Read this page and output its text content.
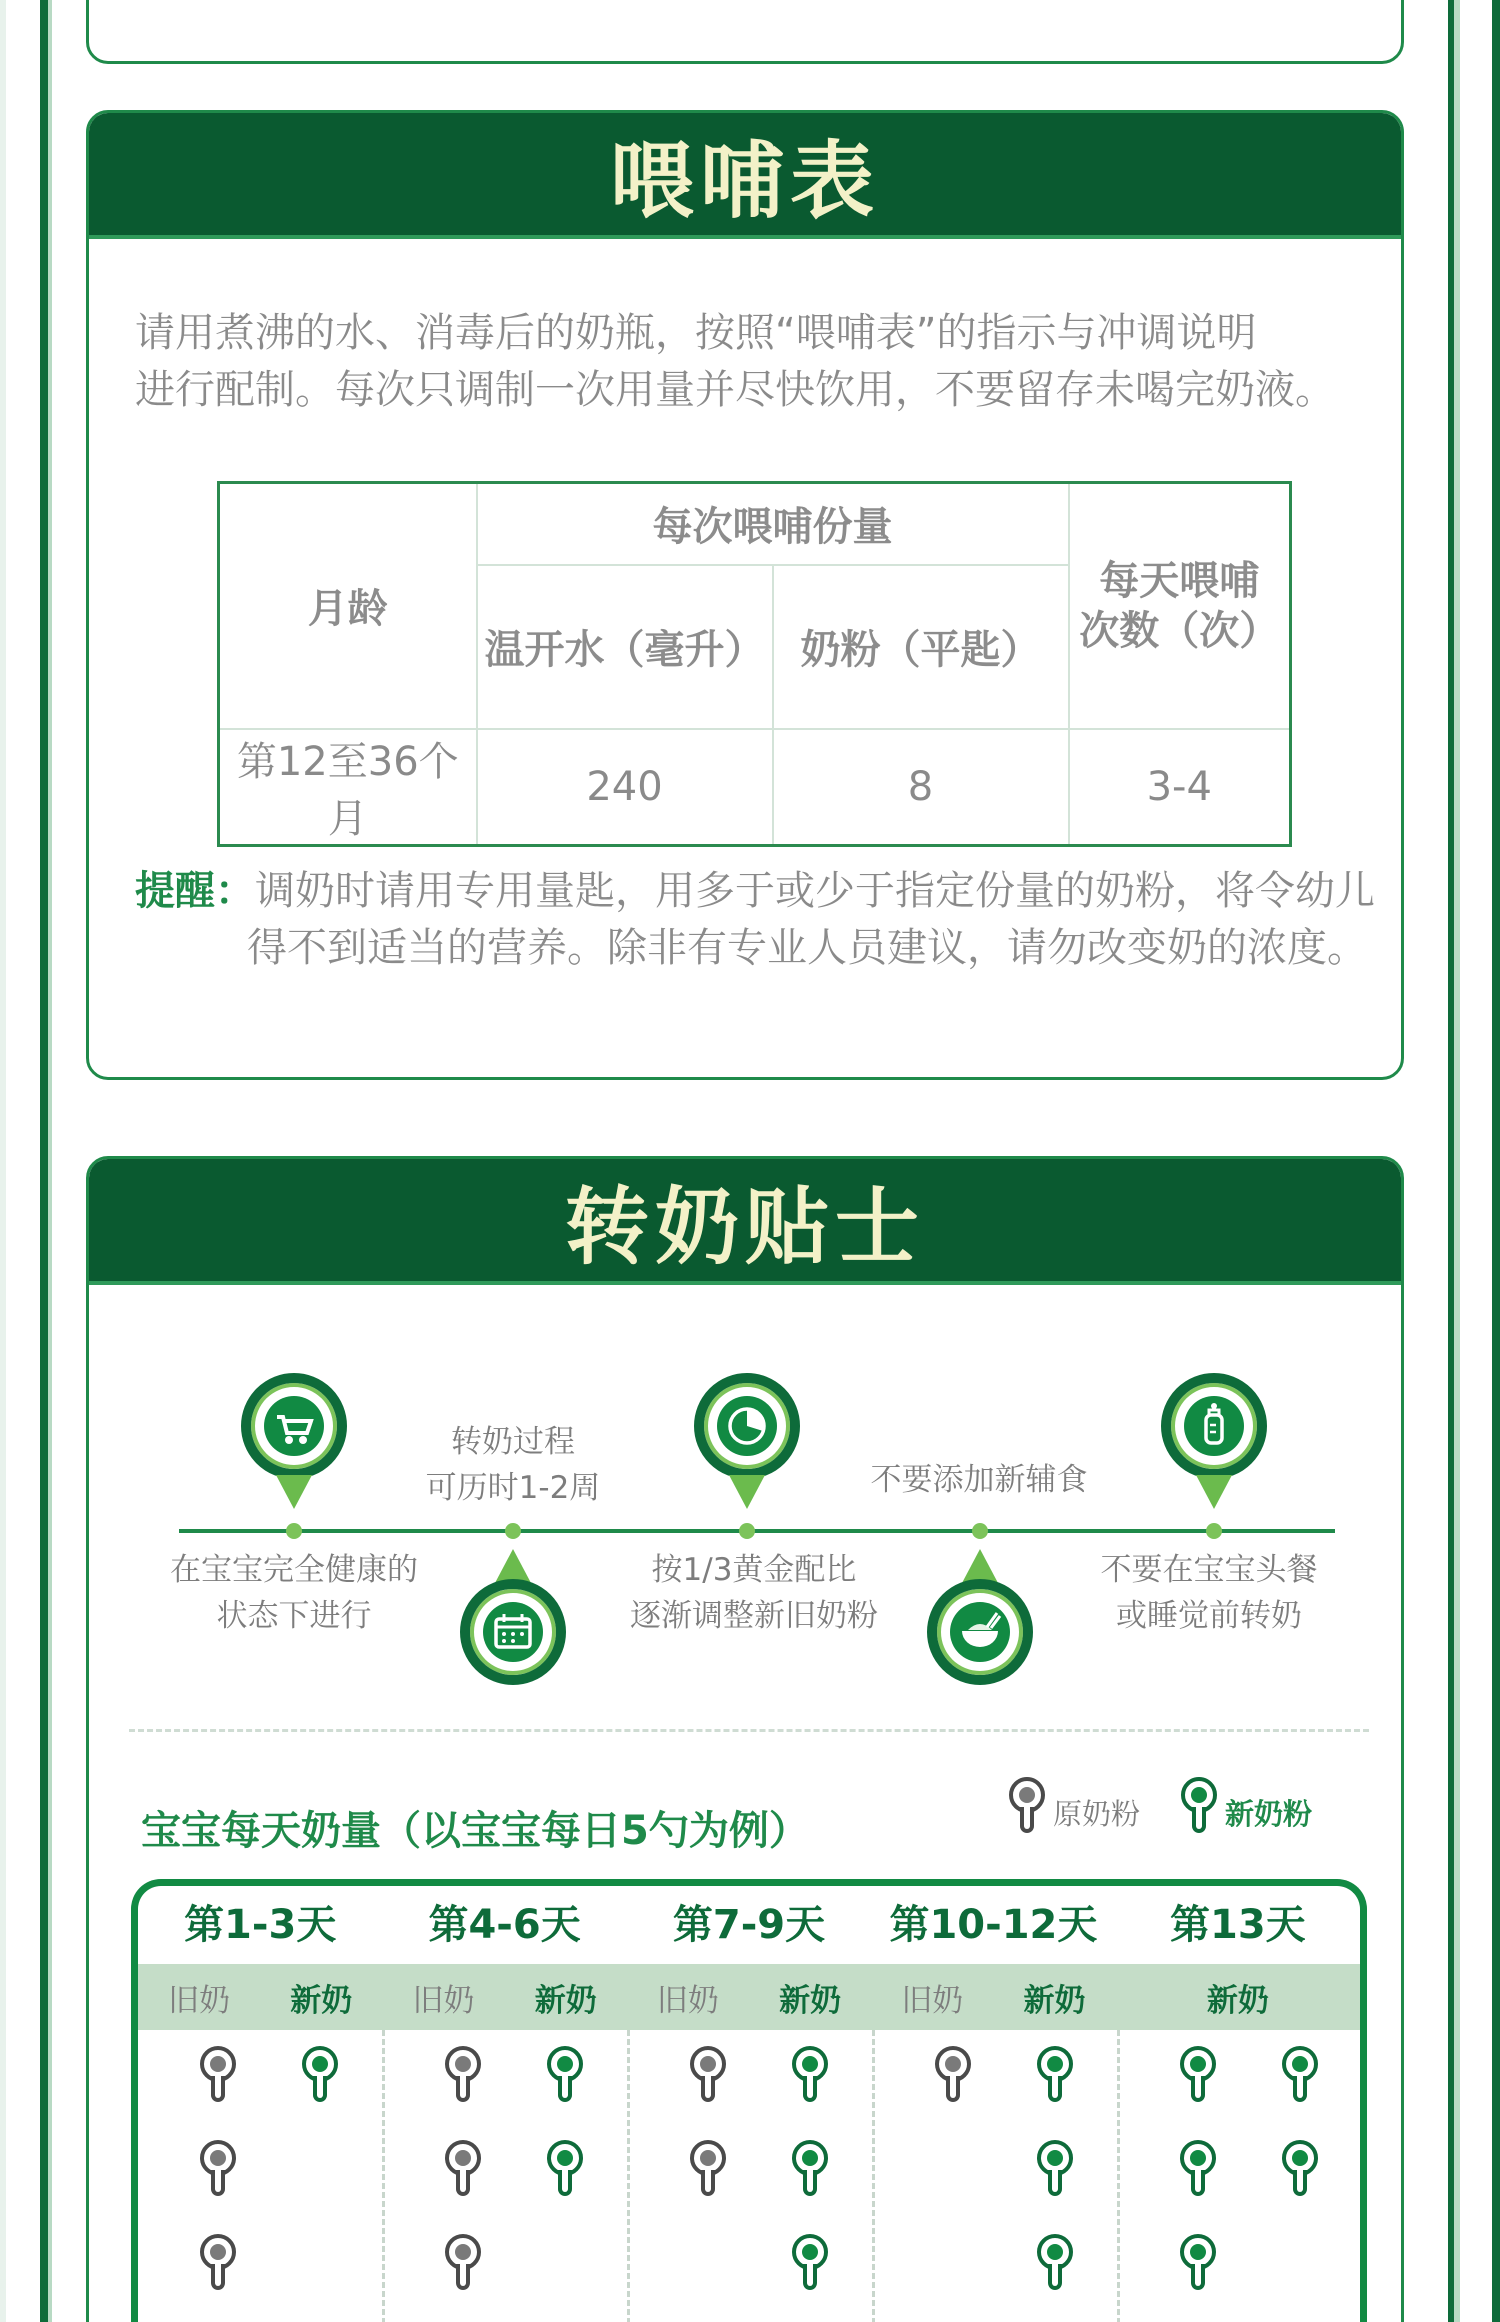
喂哺表

请用煮沸的水、消毒后的奶瓶，按照“喂哺表”的指示与冲调说明

进行配制。每次只调制一次用量并尽快饮用，不要留存未喝完奶液。

月龄	每次喂哺份量		每天喂哺
次数（次）
	温开水（毫升）	奶粉（平匙）	
第12至36个月	240	8	3-4
提醒： 调奶时请用专用量匙，用多于或少于指定份量的奶粉，将令幼儿
得不到适当的营养。除非有专业人员建议，请勿改变奶的浓度。
转奶贴士
在宝宝完全健康的
状态下进行
转奶过程
可历时1-2周
按1/3黄金配比
逐渐调整新旧奶粉
不要添加新辅食
不要在宝宝头餐
或睡觉前转奶
宝宝每天奶量（以宝宝每日5勺为例）	原奶粉	新奶粉
第1-3天	第4-6天	第7-9天	第10-12天	第13天
旧奶 新奶 旧奶 新奶 旧奶 新奶 旧奶 新奶	新奶
